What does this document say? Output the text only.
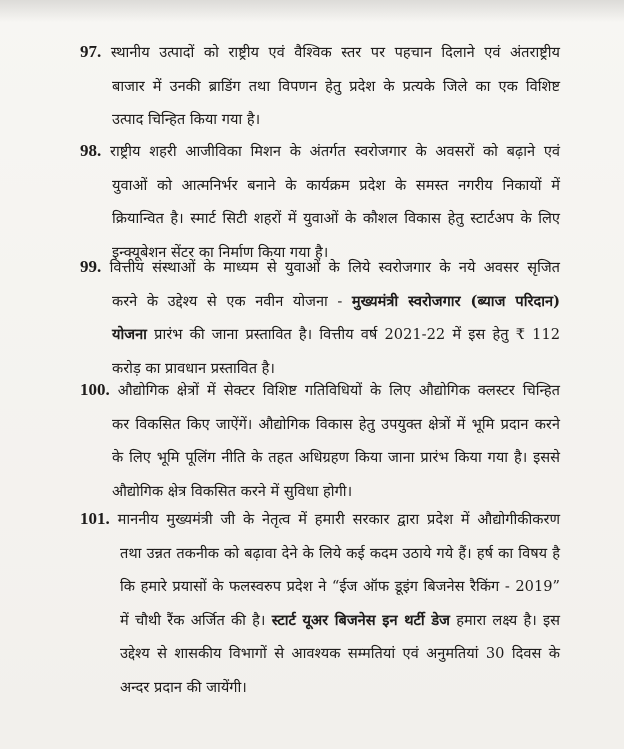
97. स्थानीय उत्पादों को राष्ट्रीय एवं वैश्विक स्तर पर पहचान दिलाने एवं अंतराष्ट्रीय
बाजार में उनकी ब्राडिंग तथा विपणन हेतु प्रदेश के प्रत्यके जिले का एक विशिष्ट
उत्पाद चिन्हित किया गया है।
98. राष्ट्रीय शहरी आजीविका मिशन के अंतर्गत स्वरोजगार के अवसरों को बढ़ाने एवं
युवाओं को आत्मनिर्भर बनाने के कार्यक्रम प्रदेश के समस्त नगरीय निकायों में
क्रियान्वित है। स्मार्ट सिटी शहरों में युवाओं के कौशल विकास हेतु स्टार्टअप के लिए
इन्क्यूबेशन सेंटर का निर्माण किया गया है।
99. वित्तीय संस्थाओं के माध्यम से युवाओं के लिये स्वरोजगार के नये अवसर सृजित
करने के उद्देश्य से एक नवीन योजना - मुख्यमंत्री स्वरोजगार (ब्याज परिदान)
योजना प्रारंभ की जाना प्रस्तावित है। वित्तीय वर्ष 2021-22 में इस हेतु ₹ 112
करोड़ का प्रावधान प्रस्तावित है।
100. औद्योगिक क्षेत्रों में सेक्टर विशिष्ट गतिविधियों के लिए औद्योगिक क्लस्टर चिन्हित
कर विकसित किए जाऐंगें। औद्योगिक विकास हेतु उपयुक्त क्षेत्रों में भूमि प्रदान करने
के लिए भूमि पूलिंग नीति के तहत अधिग्रहण किया जाना प्रारंभ किया गया है। इससे
औद्योगिक क्षेत्र विकसित करने में सुविधा होगी।
101. माननीय मुख्यमंत्री जी के नेतृत्व में हमारी सरकार द्वारा प्रदेश में औद्योगीकीकरण
तथा उन्नत तकनीक को बढ़ावा देने के लिये कई कदम उठाये गये हैं। हर्ष का विषय है
कि हमारे प्रयासों के फलस्वरुप प्रदेश ने “ईज ऑफ डूइंग बिजनेस रैकिंग - 2019”
में चौथी रैंक अर्जित की है। स्टार्ट यूअर बिजनेस इन थर्टी डेज हमारा लक्ष्य है। इस
उद्देश्य से शासकीय विभागों से आवश्यक सम्मतियां एवं अनुमतियां 30 दिवस के
अन्दर प्रदान की जायेंगी।
